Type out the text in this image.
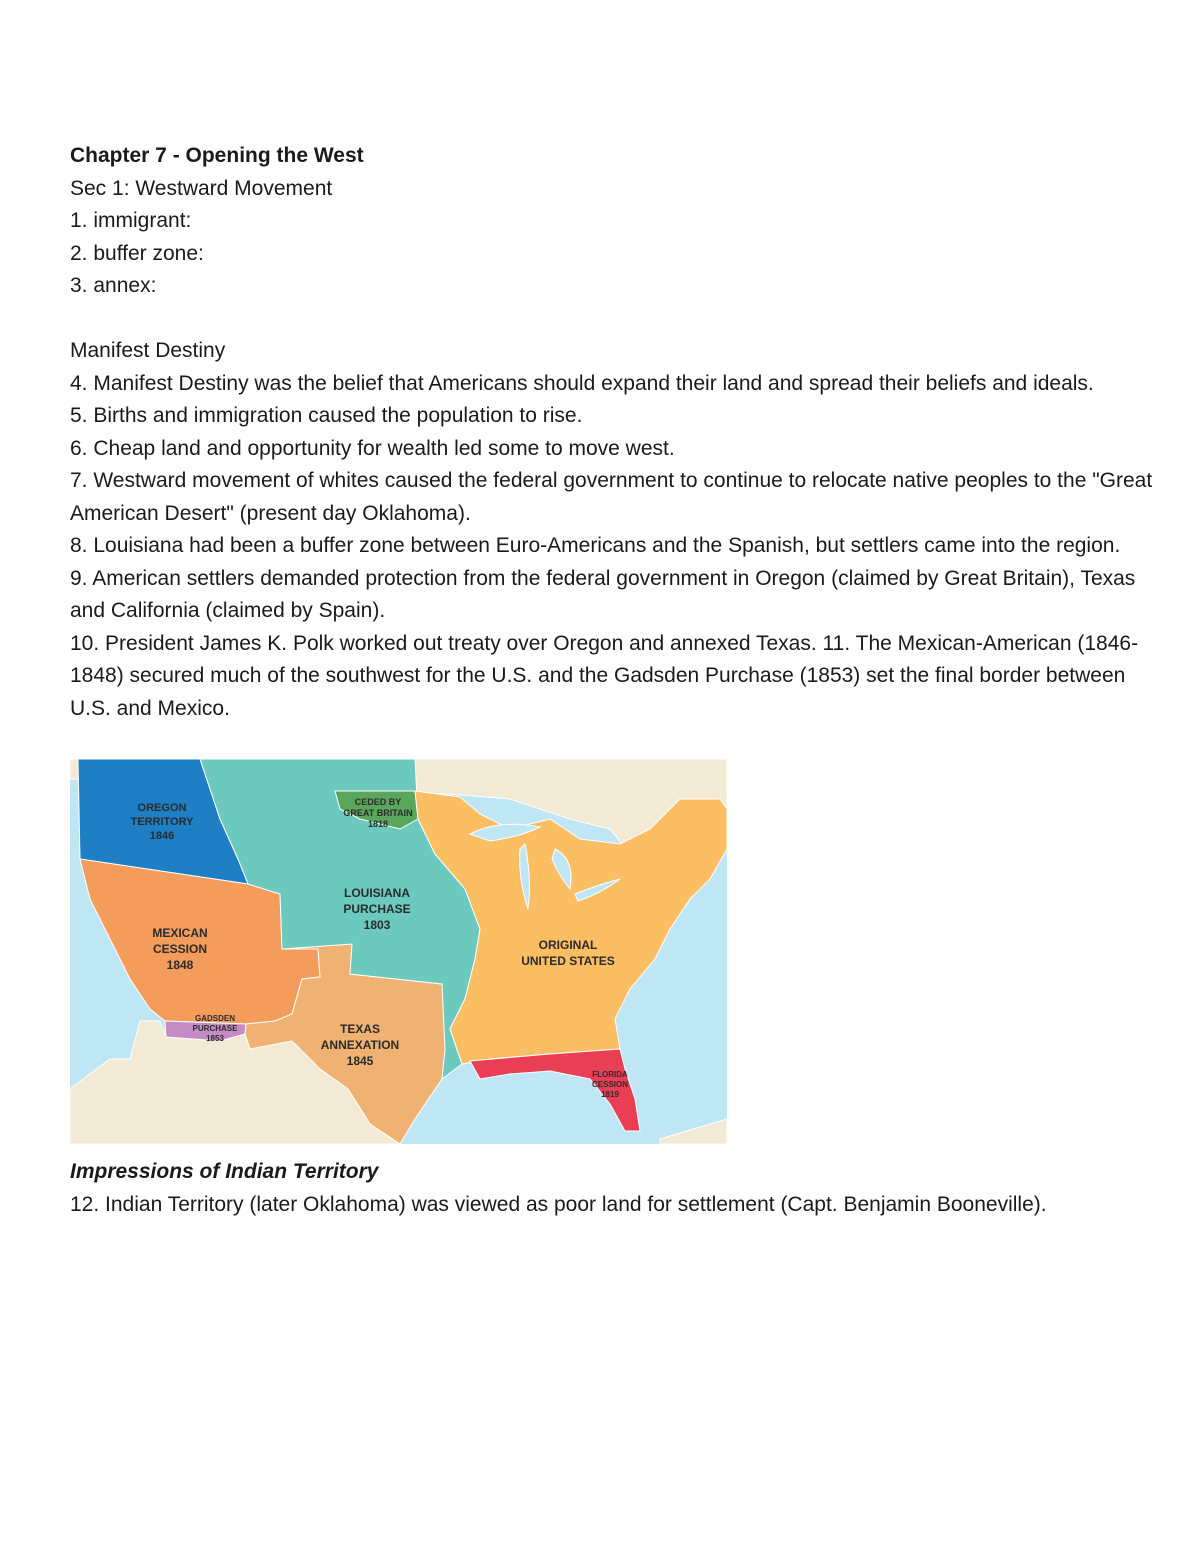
Chapter 7 - Opening the West

Sec 1: Westward Movement

1. immigrant:

2. buffer zone:

3. annex:

Manifest Destiny

4. Manifest Destiny was the belief that Americans should expand their land and spread their beliefs and ideals.

5. Births and immigration caused the population to rise.

6. Cheap land and opportunity for wealth led some to move west.

7. Westward movement of whites caused the federal government to continue to relocate native peoples to the "Great American Desert" (present day Oklahoma).

8. Louisiana had been a buffer zone between Euro-Americans and the Spanish, but settlers came into the region.

9. American settlers demanded protection from the federal government in Oregon (claimed by Great Britain), Texas and California (claimed by Spain).

10. President James K. Polk worked out treaty over Oregon and annexed Texas. 11. The Mexican-American (1846-1848) secured much of the southwest for the U.S. and the Gadsden Purchase (1853) set the final border between U.S. and Mexico.

OREGON
TERRITORY
1846
CEDED BY
GREAT BRITAIN
1818
LOUISIANA
PURCHASE
1803
MEXICAN
CESSION
1848
ORIGINAL
UNITED STATES
GADSDEN
PURCHASE
1853
TEXAS
ANNEXATION
1845
FLORIDA
CESSION
1819

Impressions of Indian Territory

12. Indian Territory (later Oklahoma) was viewed as poor land for settlement (Capt. Benjamin Booneville).
